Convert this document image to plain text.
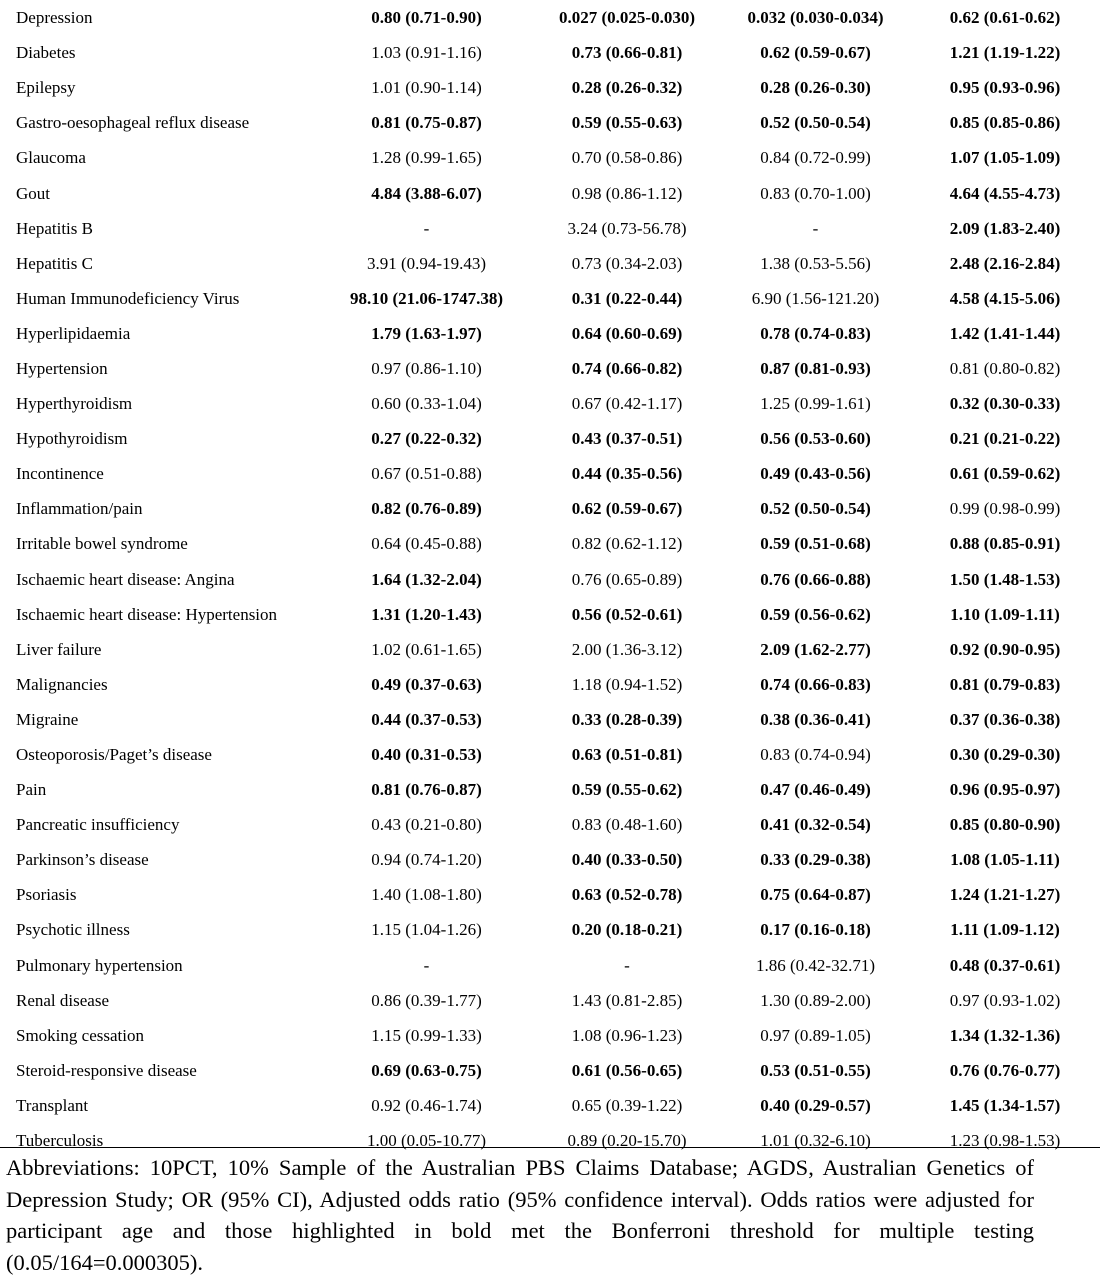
Depression	0.80 (0.71-0.90)	0.027 (0.025-0.030)	0.032 (0.030-0.034)	0.62 (0.61-0.62)
Diabetes	1.03 (0.91-1.16)	0.73 (0.66-0.81)	0.62 (0.59-0.67)	1.21 (1.19-1.22)
Epilepsy	1.01 (0.90-1.14)	0.28 (0.26-0.32)	0.28 (0.26-0.30)	0.95 (0.93-0.96)
Gastro-oesophageal reflux disease	0.81 (0.75-0.87)	0.59 (0.55-0.63)	0.52 (0.50-0.54)	0.85 (0.85-0.86)
Glaucoma	1.28 (0.99-1.65)	0.70 (0.58-0.86)	0.84 (0.72-0.99)	1.07 (1.05-1.09)
Gout	4.84 (3.88-6.07)	0.98 (0.86-1.12)	0.83 (0.70-1.00)	4.64 (4.55-4.73)
Hepatitis B	-	3.24 (0.73-56.78)	-	2.09 (1.83-2.40)
Hepatitis C	3.91 (0.94-19.43)	0.73 (0.34-2.03)	1.38 (0.53-5.56)	2.48 (2.16-2.84)
Human Immunodeficiency Virus	98.10 (21.06-1747.38)	0.31 (0.22-0.44)	6.90 (1.56-121.20)	4.58 (4.15-5.06)
Hyperlipidaemia	1.79 (1.63-1.97)	0.64 (0.60-0.69)	0.78 (0.74-0.83)	1.42 (1.41-1.44)
Hypertension	0.97 (0.86-1.10)	0.74 (0.66-0.82)	0.87 (0.81-0.93)	0.81 (0.80-0.82)
Hyperthyroidism	0.60 (0.33-1.04)	0.67 (0.42-1.17)	1.25 (0.99-1.61)	0.32 (0.30-0.33)
Hypothyroidism	0.27 (0.22-0.32)	0.43 (0.37-0.51)	0.56 (0.53-0.60)	0.21 (0.21-0.22)
Incontinence	0.67 (0.51-0.88)	0.44 (0.35-0.56)	0.49 (0.43-0.56)	0.61 (0.59-0.62)
Inflammation/pain	0.82 (0.76-0.89)	0.62 (0.59-0.67)	0.52 (0.50-0.54)	0.99 (0.98-0.99)
Irritable bowel syndrome	0.64 (0.45-0.88)	0.82 (0.62-1.12)	0.59 (0.51-0.68)	0.88 (0.85-0.91)
Ischaemic heart disease: Angina	1.64 (1.32-2.04)	0.76 (0.65-0.89)	0.76 (0.66-0.88)	1.50 (1.48-1.53)
Ischaemic heart disease: Hypertension	1.31 (1.20-1.43)	0.56 (0.52-0.61)	0.59 (0.56-0.62)	1.10 (1.09-1.11)
Liver failure	1.02 (0.61-1.65)	2.00 (1.36-3.12)	2.09 (1.62-2.77)	0.92 (0.90-0.95)
Malignancies	0.49 (0.37-0.63)	1.18 (0.94-1.52)	0.74 (0.66-0.83)	0.81 (0.79-0.83)
Migraine	0.44 (0.37-0.53)	0.33 (0.28-0.39)	0.38 (0.36-0.41)	0.37 (0.36-0.38)
Osteoporosis/Paget’s disease	0.40 (0.31-0.53)	0.63 (0.51-0.81)	0.83 (0.74-0.94)	0.30 (0.29-0.30)
Pain	0.81 (0.76-0.87)	0.59 (0.55-0.62)	0.47 (0.46-0.49)	0.96 (0.95-0.97)
Pancreatic insufficiency	0.43 (0.21-0.80)	0.83 (0.48-1.60)	0.41 (0.32-0.54)	0.85 (0.80-0.90)
Parkinson’s disease	0.94 (0.74-1.20)	0.40 (0.33-0.50)	0.33 (0.29-0.38)	1.08 (1.05-1.11)
Psoriasis	1.40 (1.08-1.80)	0.63 (0.52-0.78)	0.75 (0.64-0.87)	1.24 (1.21-1.27)
Psychotic illness	1.15 (1.04-1.26)	0.20 (0.18-0.21)	0.17 (0.16-0.18)	1.11 (1.09-1.12)
Pulmonary hypertension	-	-	1.86 (0.42-32.71)	0.48 (0.37-0.61)
Renal disease	0.86 (0.39-1.77)	1.43 (0.81-2.85)	1.30 (0.89-2.00)	0.97 (0.93-1.02)
Smoking cessation	1.15 (0.99-1.33)	1.08 (0.96-1.23)	0.97 (0.89-1.05)	1.34 (1.32-1.36)
Steroid-responsive disease	0.69 (0.63-0.75)	0.61 (0.56-0.65)	0.53 (0.51-0.55)	0.76 (0.76-0.77)
Transplant	0.92 (0.46-1.74)	0.65 (0.39-1.22)	0.40 (0.29-0.57)	1.45 (1.34-1.57)
Tuberculosis	1.00 (0.05-10.77)	0.89 (0.20-15.70)	1.01 (0.32-6.10)	1.23 (0.98-1.53)
Abbreviations: 10PCT, 10% Sample of the Australian PBS Claims Database; AGDS, Australian Genetics of Depression Study; OR (95% CI), Adjusted odds ratio (95% confidence interval). Odds ratios were adjusted for participant age and those highlighted in bold met the Bonferroni threshold for multiple testing (0.05/164=0.000305).
